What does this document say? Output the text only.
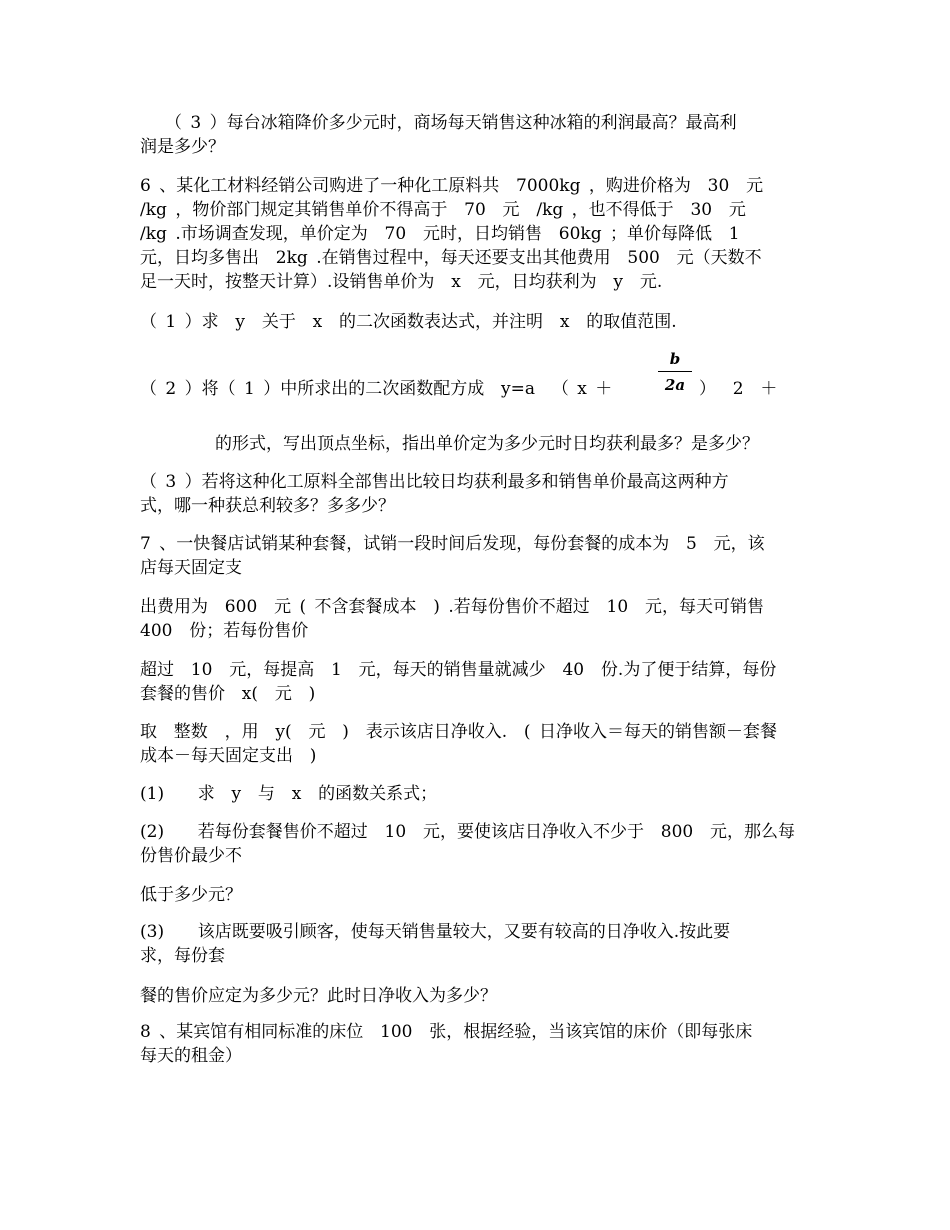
（ 3 ）每台冰箱降价多少元时，商场每天销售这种冰箱的利润最高？最高利

润是多少？

6 、某化工材料经销公司购进了一种化工原料共  7000kg ，购进价格为  30  元

/kg ，物价部门规定其销售单价不得高于  70  元  /kg ，也不得低于  30  元

/kg .市场调查发现，单价定为  70  元时，日均销售  60kg ；单价每降低  1

元，日均多售出  2kg .在销售过程中，每天还要支出其他费用  500  元（天数不

足一天时，按整天计算）.设销售单价为  x  元，日均获利为  y  元.

（ 1 ）求  y  关于  x  的二次函数表达式，并注明  x  的取值范围.

（ 2 ）将（ 1 ）中所求出的二次函数配方成  y=a  （ x ＋

b
2a ）  2  ＋

的形式，写出顶点坐标，指出单价定为多少元时日均获利最多？是多少？

（ 3 ）若将这种化工原料全部售出比较日均获利最多和销售单价最高这两种方

式，哪一种获总利较多？多多少？

7 、一快餐店试销某种套餐，试销一段时间后发现，每份套餐的成本为  5  元，该

店每天固定支

出费用为  600  元 ( 不含套餐成本  ) .若每份售价不超过  10  元，每天可销售

400  份；若每份售价

超过  10  元，每提高  1  元，每天的销售量就减少  40  份.为了便于结算，每份

套餐的售价  x(  元  )

取  整数  ，用  y(  元  )  表示该店日净收入.  ( 日净收入＝每天的销售额－套餐

成本－每天固定支出  )

(1)    求  y  与  x  的函数关系式；

(2)    若每份套餐售价不超过  10  元，要使该店日净收入不少于  800  元，那么每

份售价最少不

低于多少元？

(3)    该店既要吸引顾客，使每天销售量较大，又要有较高的日净收入.按此要

求，每份套

餐的售价应定为多少元？此时日净收入为多少？

8 、某宾馆有相同标准的床位  100  张，根据经验，当该宾馆的床价（即每张床

每天的租金）
